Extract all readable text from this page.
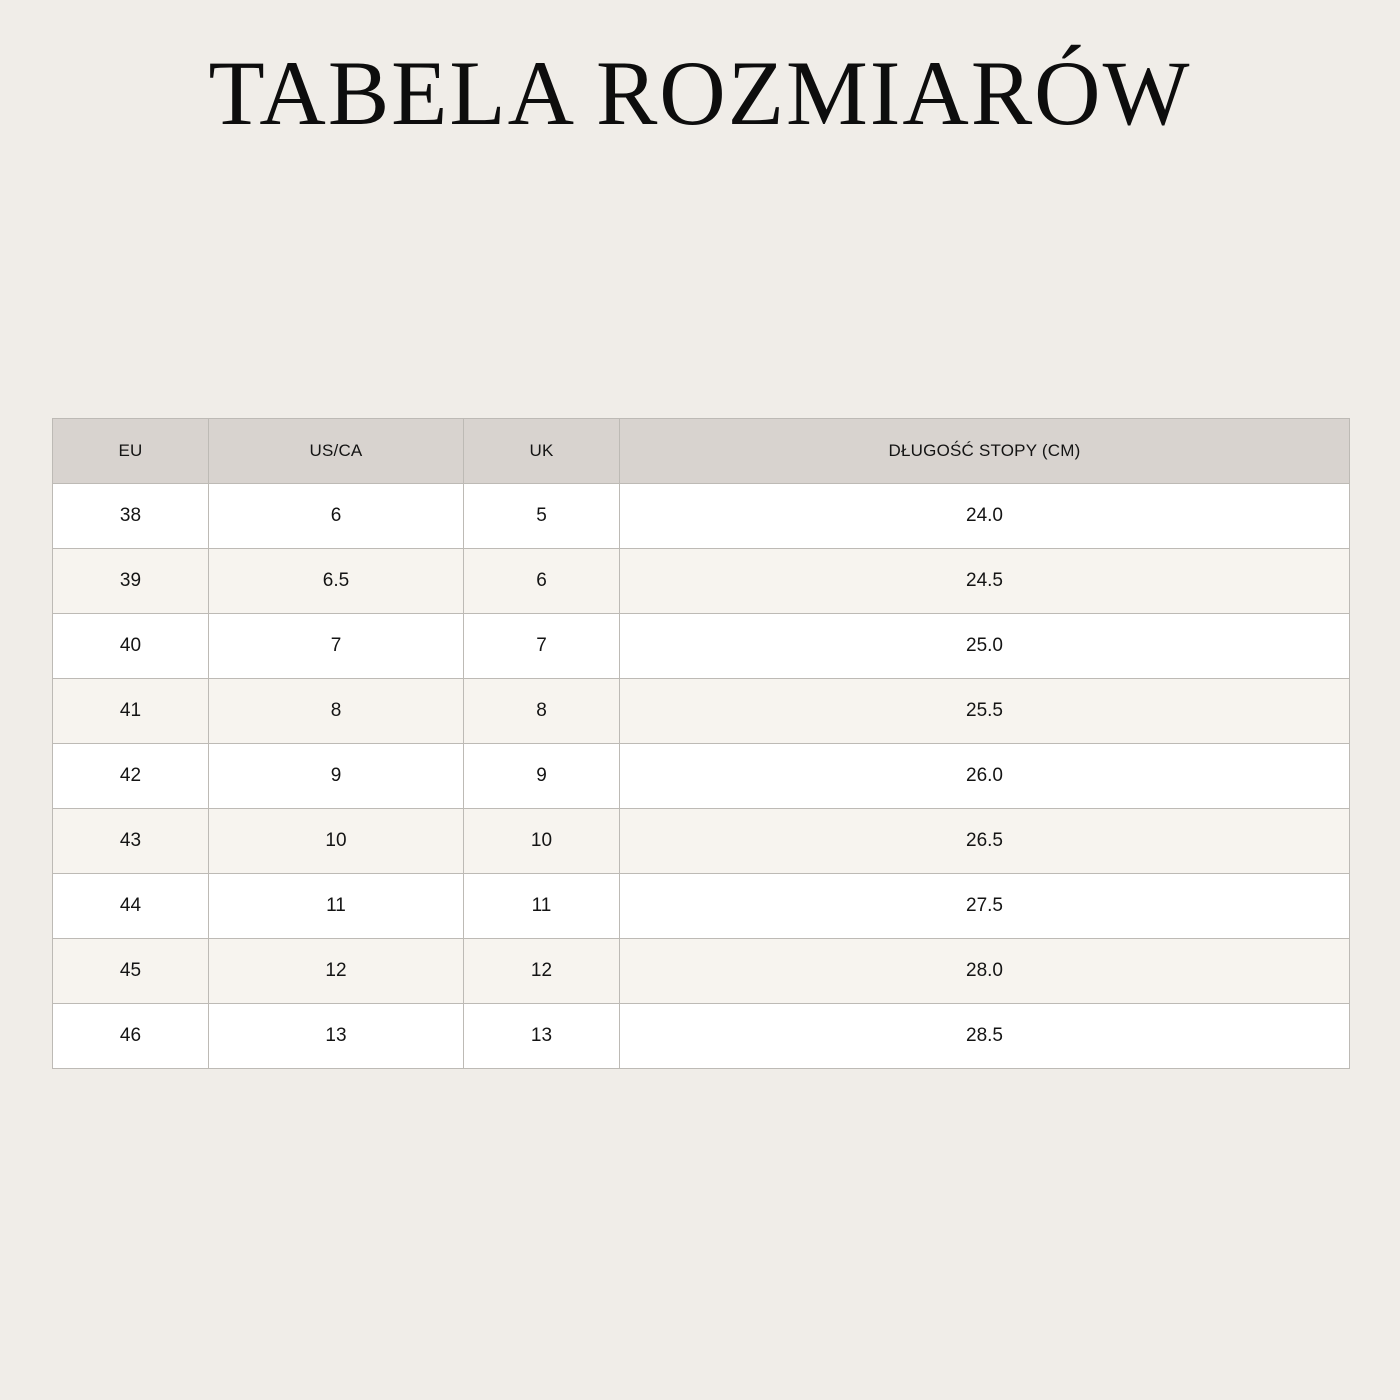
TABELA ROZMIARÓW
EU	US/CA	UK	DŁUGOŚĆ STOPY (CM)
38	6	5	24.0
39	6.5	6	24.5
40	7	7	25.0
41	8	8	25.5
42	9	9	26.0
43	10	10	26.5
44	11	11	27.5
45	12	12	28.0
46	13	13	28.5
